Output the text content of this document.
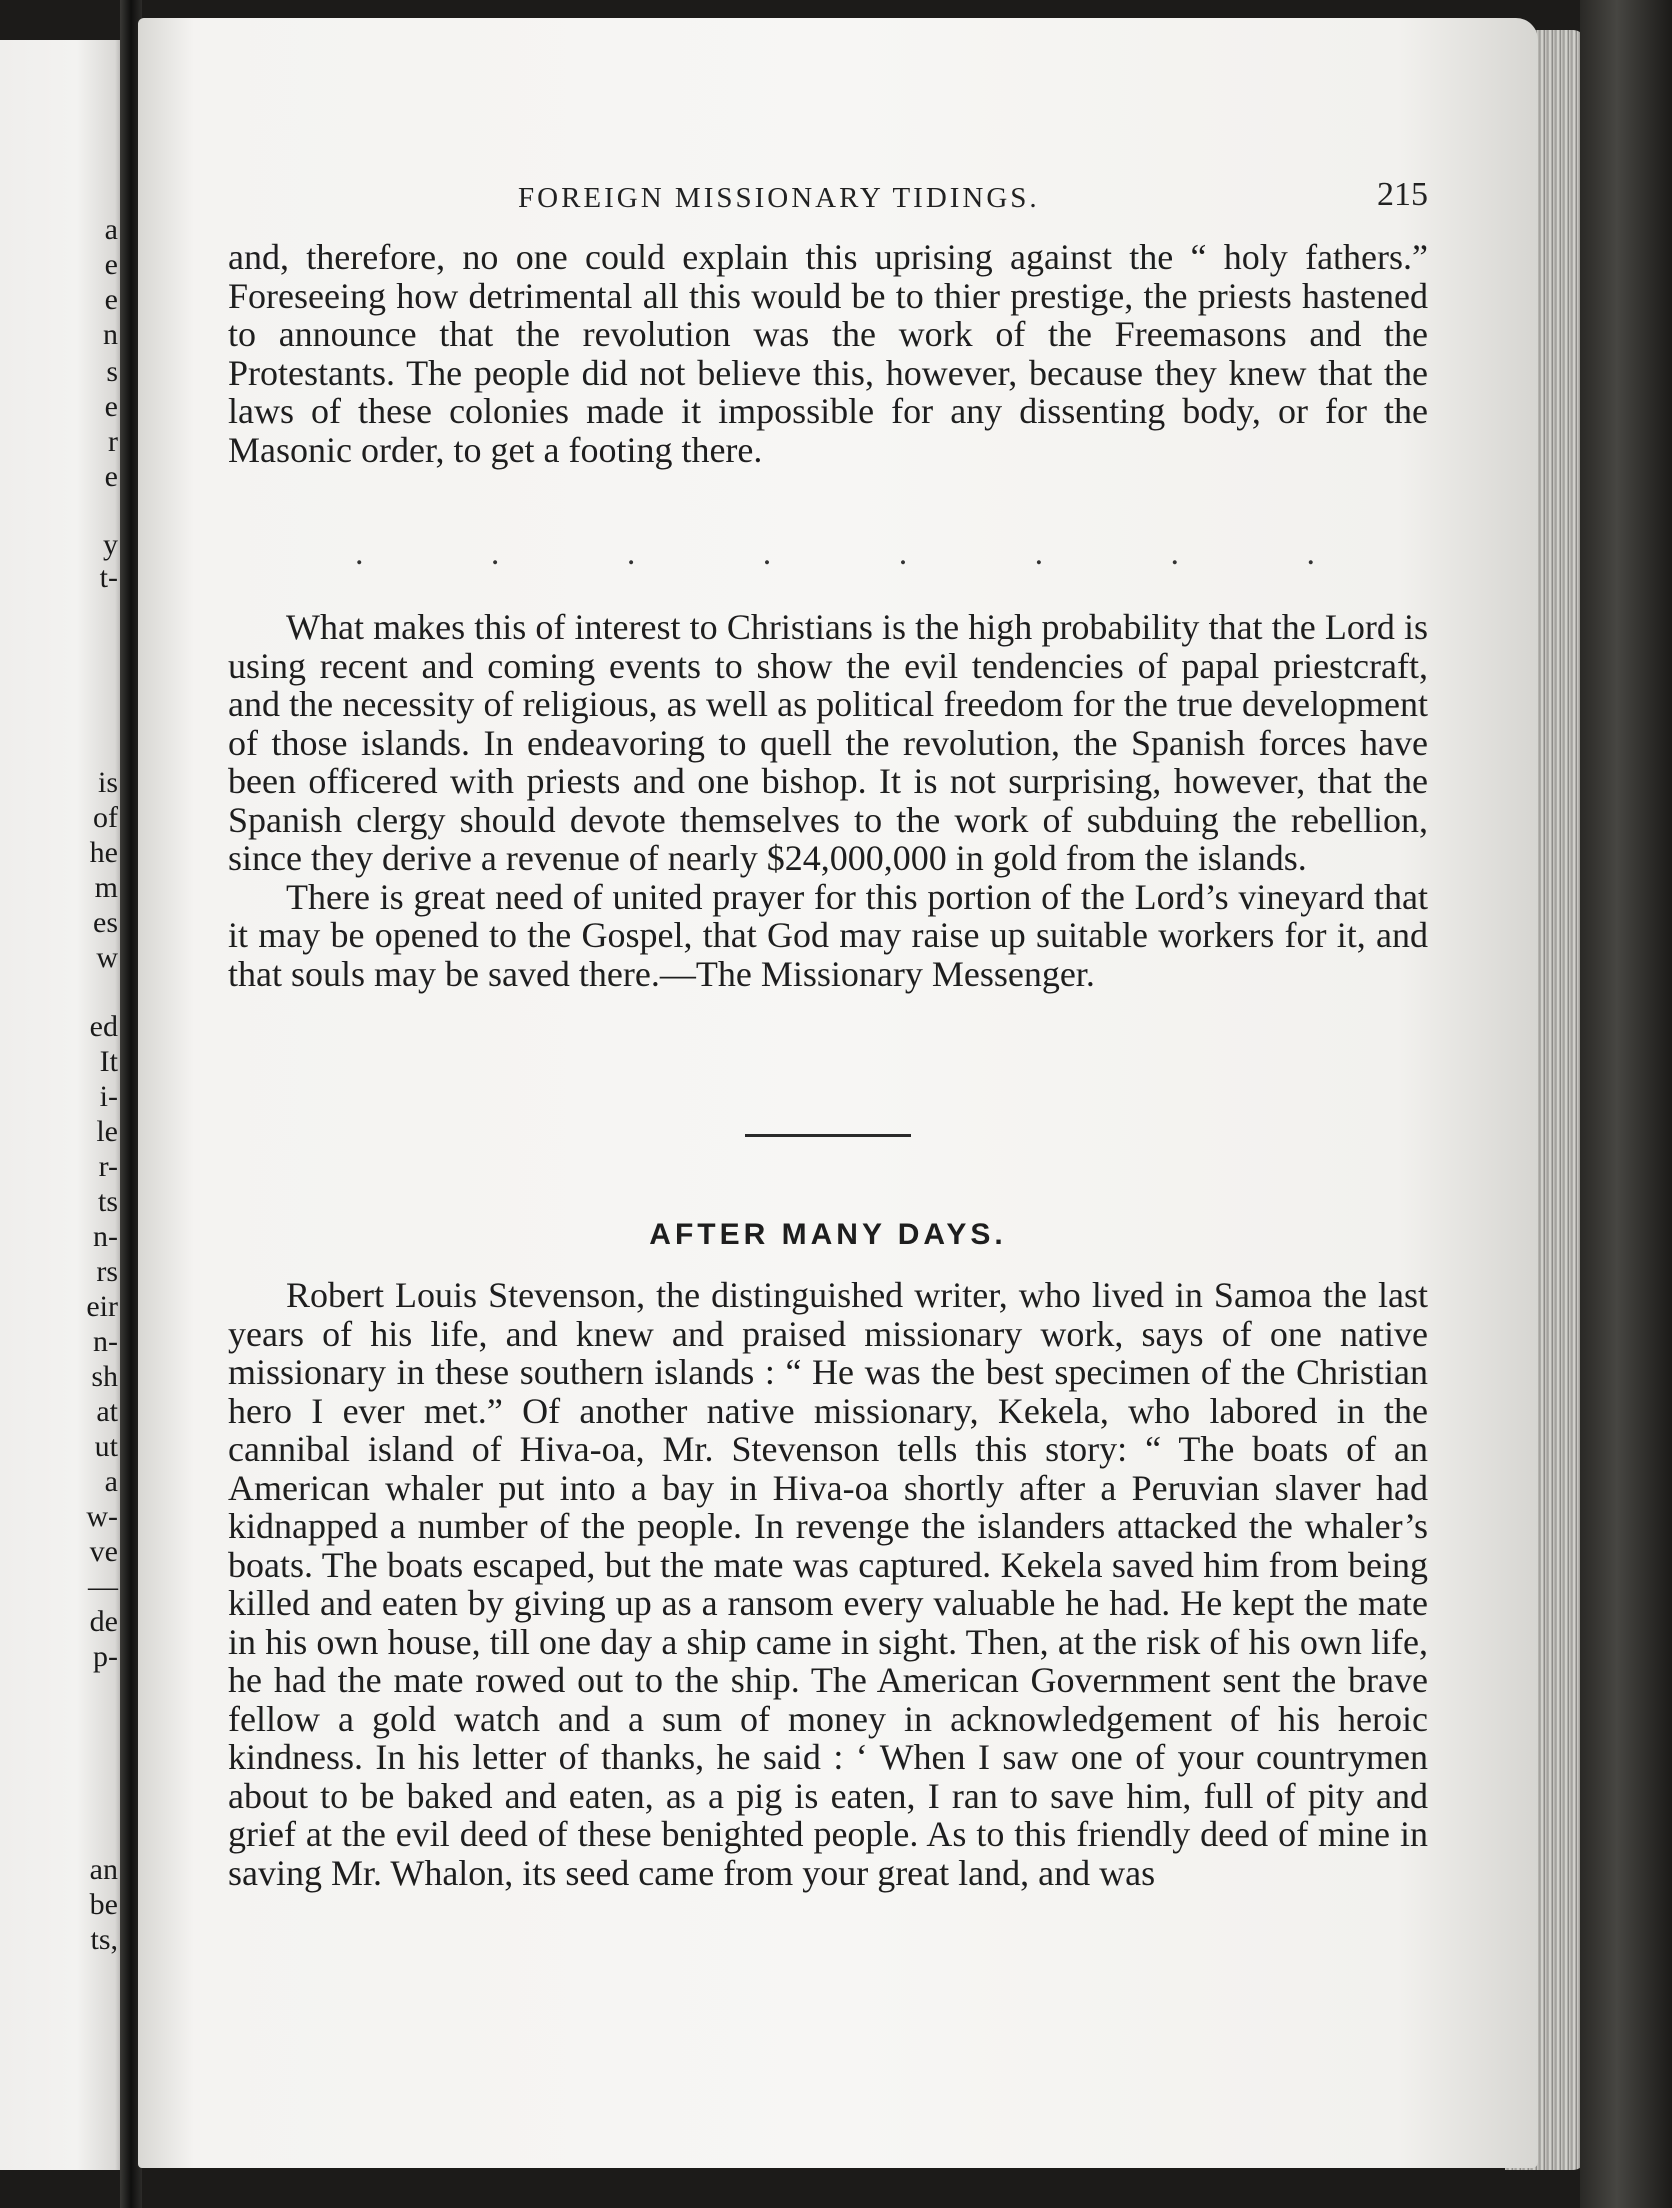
a
e
e
n
s
e
r
e
y
t-
is
of
he
m
es
w
ed
It
i-
le
r-
ts
n-
rs
eir
n-
sh
at
ut
a
w-
ve
—
de
p-
an
be
ts,
FOREIGN MISSIONARY TIDINGS.	215

and, therefore, no one could explain this uprising against the “ holy fathers.” Foreseeing how detrimental all this would be to thier prestige, the priests hastened to announce that the revolution was the work of the Freemasons and the Protestants. The people did not believe this, however, because they knew that the laws of these colonies made it impossible for any dissenting body, or for the Masonic order, to get a footing there.

.	.	.	.	.	.	.	.

What makes this of interest to Christians is the high probability that the Lord is using recent and coming events to show the evil tendencies of papal priestcraft, and the necessity of religious, as well as political freedom for the true development of those islands. In endeavoring to quell the revolution, the Spanish forces have been officered with priests and one bishop. It is not surprising, however, that the Spanish clergy should devote themselves to the work of subduing the rebellion, since they derive a revenue of nearly $24,000,000 in gold from the islands.

There is great need of united prayer for this portion of the Lord’s vineyard that it may be opened to the Gospel, that God may raise up suitable workers for it, and that souls may be saved there.—The Missionary Messenger.

AFTER MANY DAYS.

Robert Louis Stevenson, the distinguished writer, who lived in Samoa the last years of his life, and knew and praised missionary work, says of one native missionary in these southern islands : “ He was the best specimen of the Christian hero I ever met.” Of another native missionary, Kekela, who labored in the cannibal island of Hiva-oa, Mr. Stevenson tells this story: “ The boats of an American whaler put into a bay in Hiva-oa shortly after a Peruvian slaver had kidnapped a number of the people. In revenge the islanders attacked the whaler’s boats. The boats escaped, but the mate was captured. Kekela saved him from being killed and eaten by giving up as a ransom every valuable he had. He kept the mate in his own house, till one day a ship came in sight. Then, at the risk of his own life, he had the mate rowed out to the ship. The American Government sent the brave fellow a gold watch and a sum of money in acknowledgement of his heroic kindness. In his letter of thanks, he said : ‘ When I saw one of your countrymen about to be baked and eaten, as a pig is eaten, I ran to save him, full of pity and grief at the evil deed of these benighted people. As to this friendly deed of mine in saving Mr. Whalon, its seed came from your great land, and was
